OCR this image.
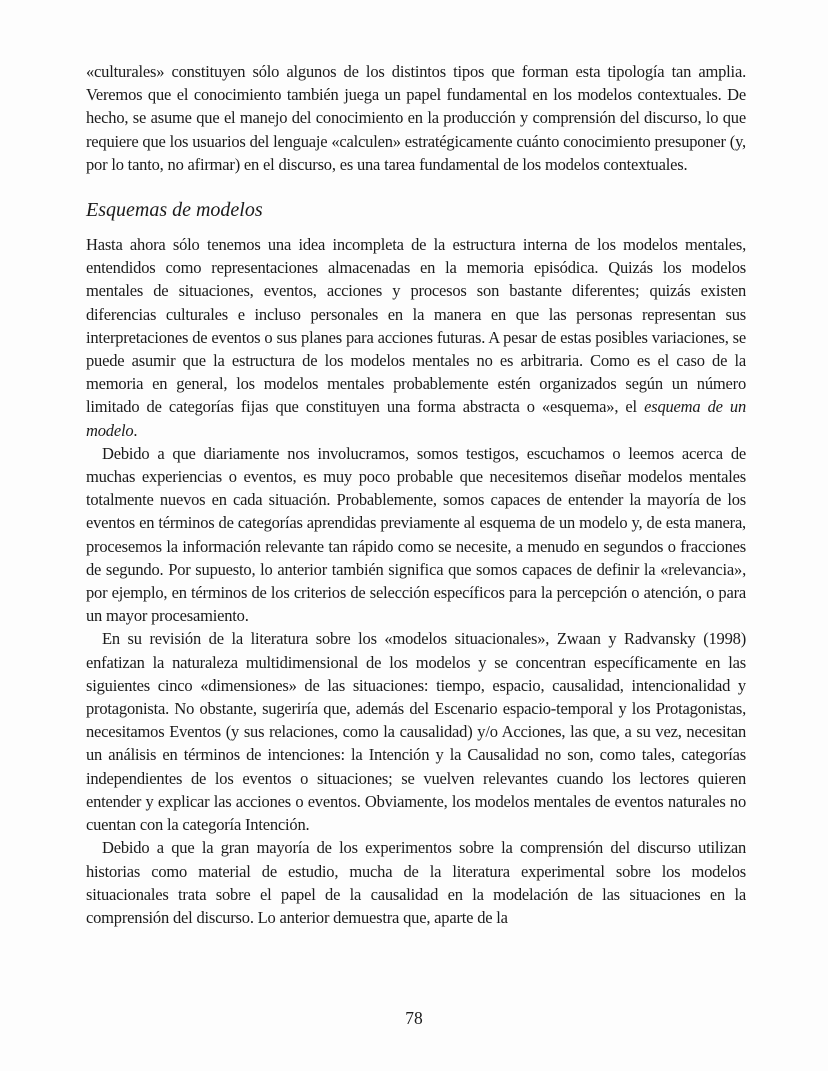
«culturales» constituyen sólo algunos de los distintos tipos que forman esta tipología tan amplia. Veremos que el conocimiento también juega un papel fundamental en los modelos contextuales. De hecho, se asume que el manejo del conocimiento en la producción y comprensión del discurso, lo que requiere que los usuarios del lenguaje «calculen» estratégicamente cuánto conocimiento presuponer (y, por lo tanto, no afirmar) en el discurso, es una tarea fundamental de los modelos contextuales.

Esquemas de modelos

Hasta ahora sólo tenemos una idea incompleta de la estructura interna de los modelos mentales, entendidos como representaciones almacenadas en la memoria episódica. Quizás los modelos mentales de situaciones, eventos, acciones y procesos son bastante diferentes; quizás existen diferencias culturales e incluso personales en la manera en que las personas representan sus interpretaciones de eventos o sus planes para acciones futuras. A pesar de estas posibles variaciones, se puede asumir que la estructura de los modelos mentales no es arbitraria. Como es el caso de la memoria en general, los modelos mentales probablemente estén organizados según un número limitado de categorías fijas que constituyen una forma abstracta o «esquema», el esquema de un modelo.

Debido a que diariamente nos involucramos, somos testigos, escuchamos o leemos acerca de muchas experiencias o eventos, es muy poco probable que necesitemos diseñar modelos mentales totalmente nuevos en cada situación. Probablemente, somos capaces de entender la mayoría de los eventos en términos de categorías aprendidas previamente al esquema de un modelo y, de esta manera, procesemos la información relevante tan rápido como se necesite, a menudo en segundos o fracciones de segundo. Por supuesto, lo anterior también significa que somos capaces de definir la «relevancia», por ejemplo, en términos de los criterios de selección específicos para la percepción o atención, o para un mayor procesamiento.

En su revisión de la literatura sobre los «modelos situacionales», Zwaan y Radvansky (1998) enfatizan la naturaleza multidimensional de los modelos y se concentran específicamente en las siguientes cinco «dimensiones» de las situaciones: tiempo, espacio, causalidad, intencionalidad y protagonista. No obstante, sugeriría que, además del Escenario espacio-temporal y los Protagonistas, necesitamos Eventos (y sus relaciones, como la causalidad) y/o Acciones, las que, a su vez, necesitan un análisis en términos de intenciones: la Intención y la Causalidad no son, como tales, categorías independientes de los eventos o situaciones; se vuelven relevantes cuando los lectores quieren entender y explicar las acciones o eventos. Obviamente, los modelos mentales de eventos naturales no cuentan con la categoría Intención.

Debido a que la gran mayoría de los experimentos sobre la comprensión del discurso utilizan historias como material de estudio, mucha de la literatura experimental sobre los modelos situacionales trata sobre el papel de la causalidad en la modelación de las situaciones en la comprensión del discurso. Lo anterior demuestra que, aparte de la

78
